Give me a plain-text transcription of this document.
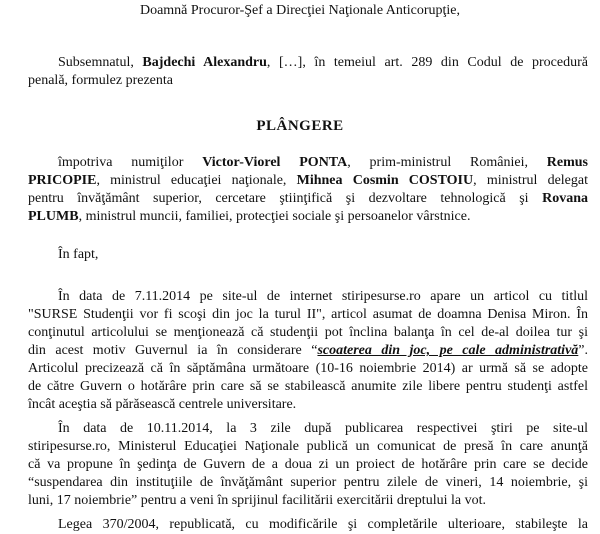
Doamnă Procuror-Şef a Direcţiei Naţionale Anticorupţie,
Subsemnatul, Bajdechi Alexandru, […], în temeiul art. 289 din Codul de procedură
penală, formulez prezenta
PLÂNGERE
împotriva numiţilor Victor-Viorel PONTA, prim-ministrul României, Remus
PRICOPIE, ministrul educaţiei naţionale, Mihnea Cosmin COSTOIU, ministrul delegat
pentru învăţământ superior, cercetare ştiinţifică şi dezvoltare tehnologică şi Rovana
PLUMB, ministrul muncii, familiei, protecţiei sociale şi persoanelor vârstnice.
În fapt,
În data de 7.11.2014 pe site-ul de internet stiripesurse.ro apare un articol cu titlul
"SURSE Studenţii vor fi scoşi din joc la turul II", articol asumat de doamna Denisa Miron. În
conţinutul articolului se menţionează că studenţii pot înclina balanţa în cel de-al doilea tur şi
din acest motiv Guvernul ia în considerare “scoaterea din joc, pe cale administrativă”.
Articolul precizează că în săptămâna următoare (10-16 noiembrie 2014) ar urmă să se adopte
de către Guvern o hotărâre prin care să se stabilească anumite zile libere pentru studenţi astfel
încât aceştia să părăsească centrele universitare.
În data de 10.11.2014, la 3 zile după publicarea respectivei ştiri pe site-ul
stiripesurse.ro, Ministerul Educaţiei Naţionale publică un comunicat de presă în care anunţă
că va propune în şedinţa de Guvern de a doua zi un proiect de hotărâre prin care se decide
“suspendarea din instituţiile de învăţământ superior pentru zilele de vineri, 14 noiembrie, şi
luni, 17 noiembrie” pentru a veni în sprijinul facilitării exercitării dreptului la vot.
Legea 370/2004, republicată, cu modificările şi completările ulterioare, stabileşte la
